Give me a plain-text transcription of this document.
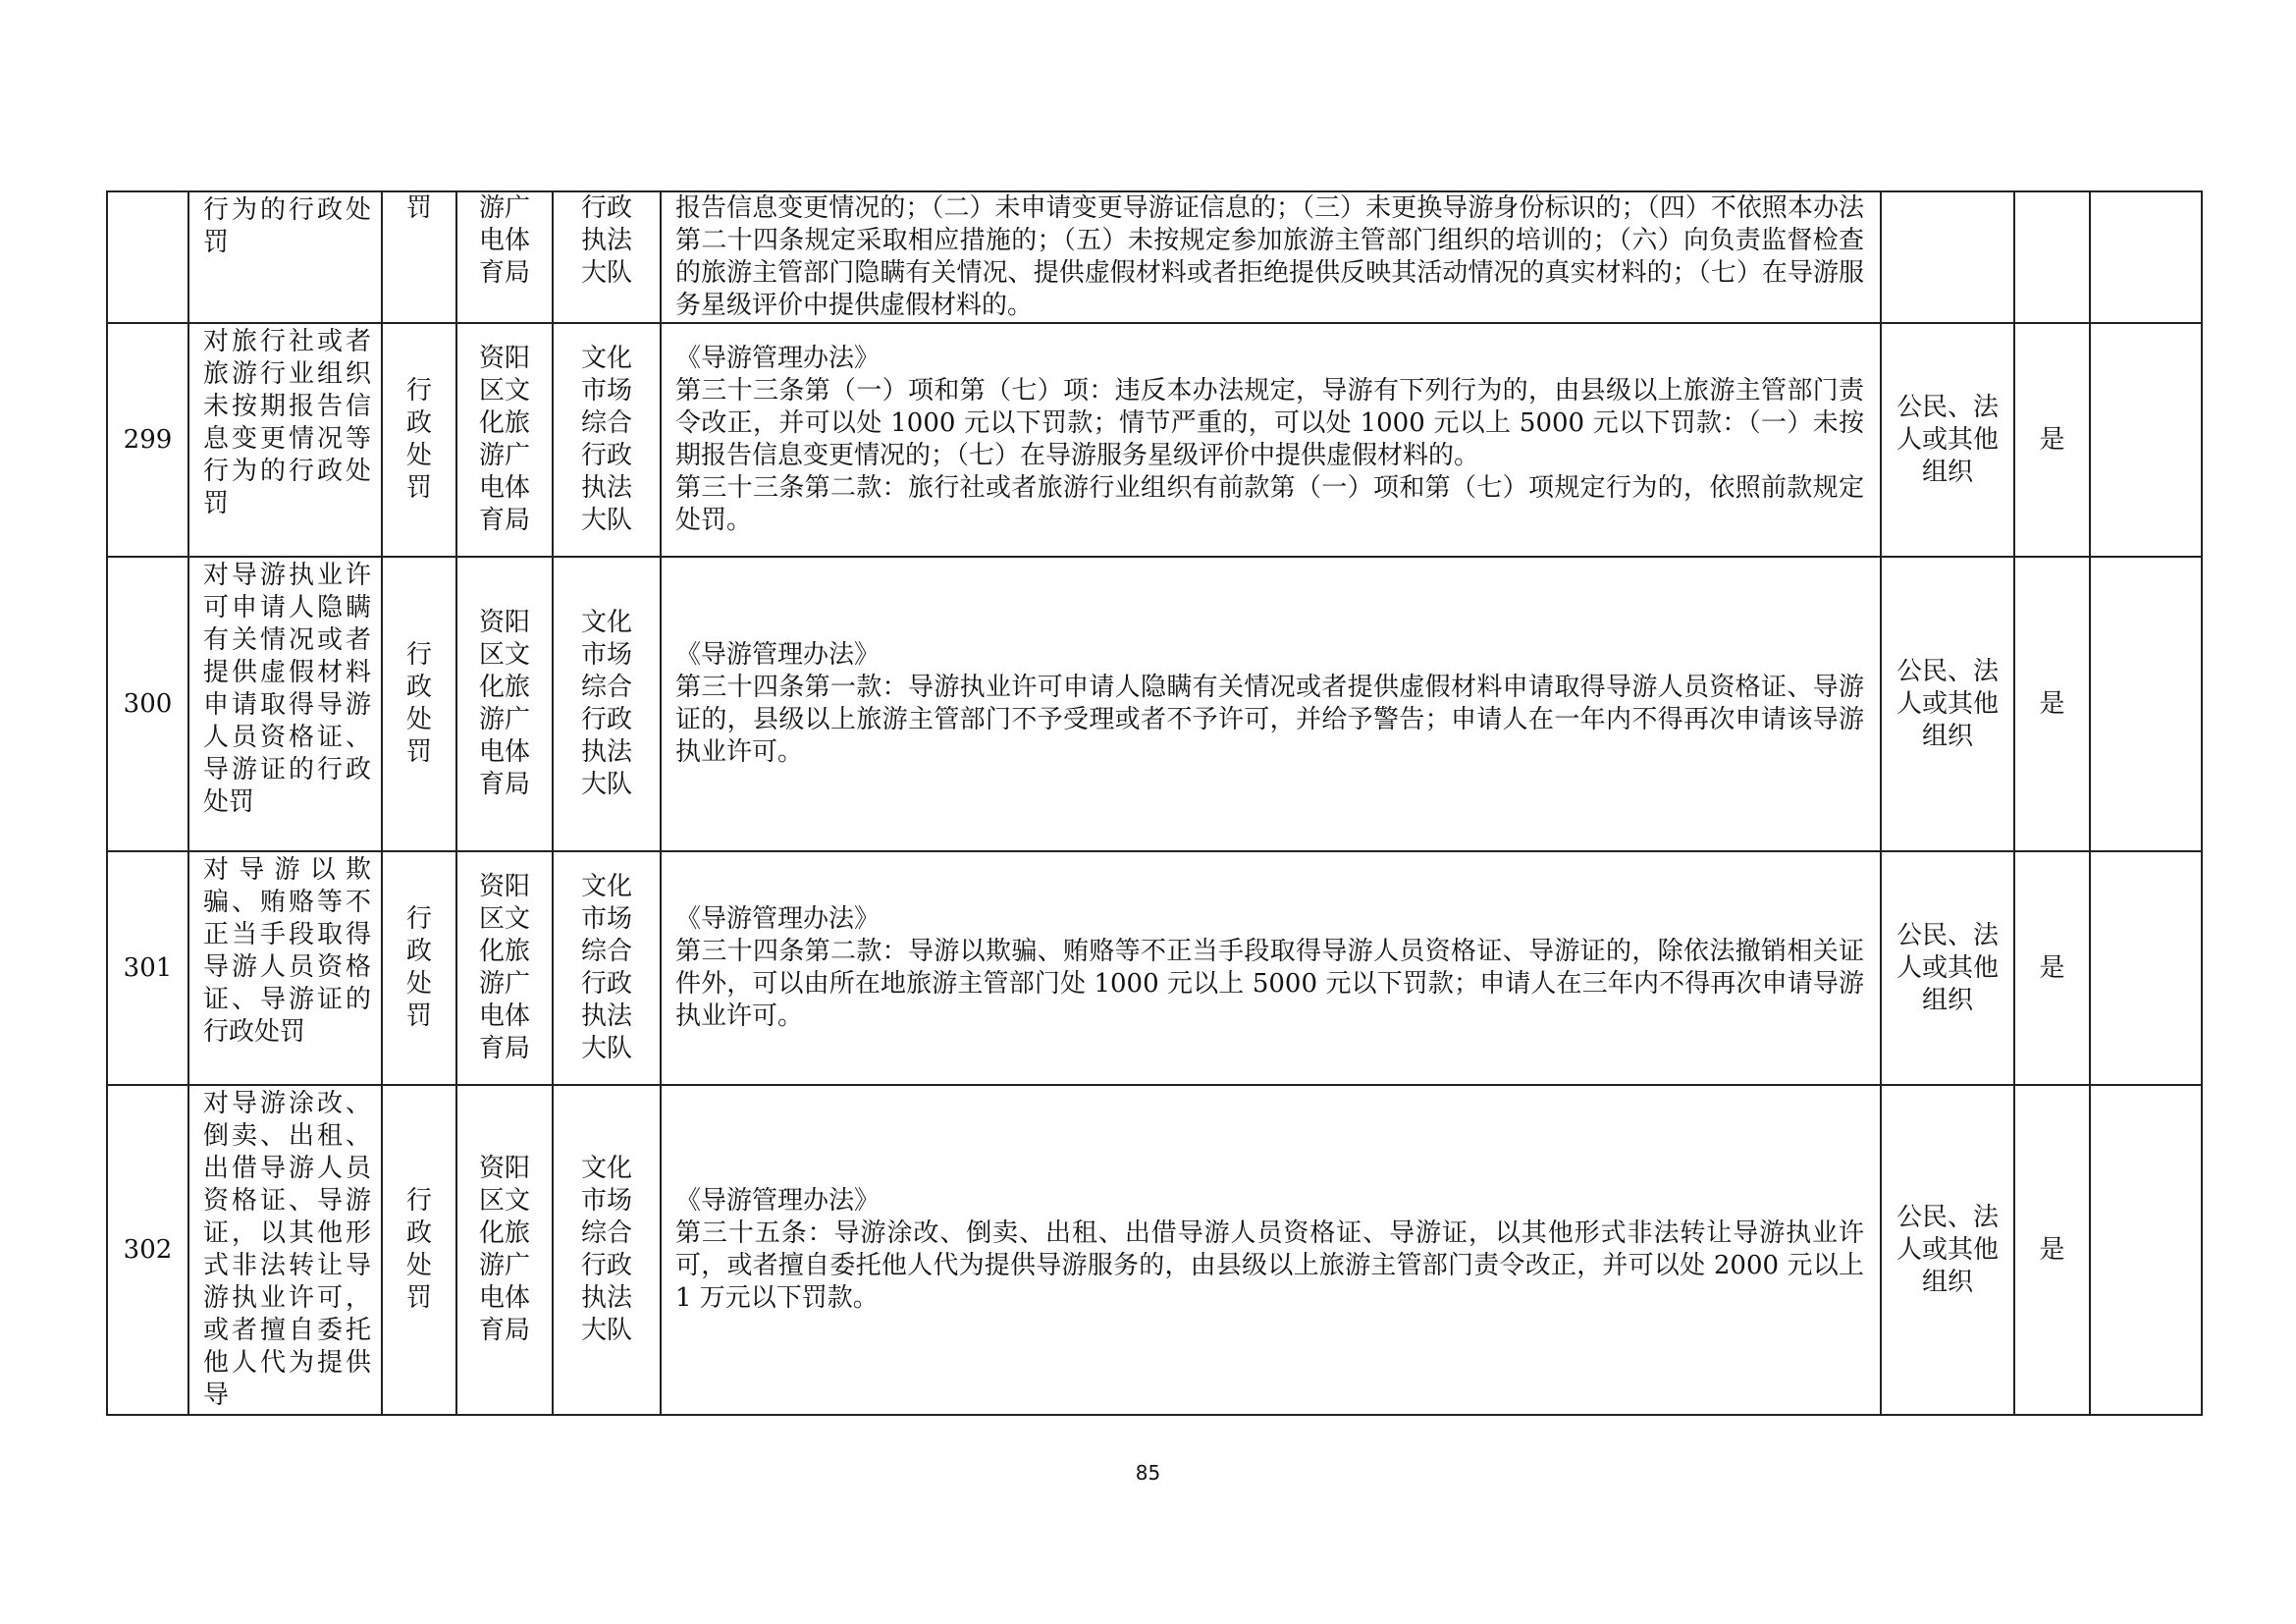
	行为的行政处罚	罚	游广电体育局	行政执法大队	报告信息变更情况的；（二）未申请变更导游证信息的；（三）未更换导游身份标识的；（四）不依照本办法第二十四条规定采取相应措施的；（五）未按规定参加旅游主管部门组织的培训的；（六）向负责监督检查的旅游主管部门隐瞒有关情况、提供虚假材料或者拒绝提供反映其活动情况的真实材料的；（七）在导游服务星级评价中提供虚假材料的。			

299	对旅行社或者旅游行业组织未按期报告信息变更情况等行为的行政处罚	行政处罚	资阳区文化旅游广电体育局	文化市场综合行政执法大队	《导游管理办法》
第三十三条第（一）项和第（七）项：违反本办法规定，导游有下列行为的，由县级以上旅游主管部门责令改正，并可以处 1000 元以下罚款；情节严重的，可以处 1000 元以上 5000 元以下罚款：（一）未按期报告信息变更情况的；（七）在导游服务星级评价中提供虚假材料的。
第三十三条第二款：旅行社或者旅游行业组织有前款第（一）项和第（七）项规定行为的，依照前款规定处罚。	公民、法人或其他组织	是	
300	对导游执业许可申请人隐瞒有关情况或者提供虚假材料申请取得导游人员资格证、导游证的行政处罚	行政处罚	资阳区文化旅游广电体育局	文化市场综合行政执法大队	《导游管理办法》
第三十四条第一款：导游执业许可申请人隐瞒有关情况或者提供虚假材料申请取得导游人员资格证、导游证的，县级以上旅游主管部门不予受理或者不予许可，并给予警告；申请人在一年内不得再次申请该导游执业许可。	公民、法人或其他组织	是	
301	对导游以欺骗、贿赂等不正当手段取得导游人员资格证、导游证的行政处罚	行政处罚	资阳区文化旅游广电体育局	文化市场综合行政执法大队	《导游管理办法》
第三十四条第二款：导游以欺骗、贿赂等不正当手段取得导游人员资格证、导游证的，除依法撤销相关证件外，可以由所在地旅游主管部门处 1000 元以上 5000 元以下罚款；申请人在三年内不得再次申请导游执业许可。	公民、法人或其他组织	是	
302	对导游涂改、倒卖、出租、出借导游人员资格证、导游证，以其他形式非法转让导游执业许可，或者擅自委托他人代为提供导	行政处罚	资阳区文化旅游广电体育局	文化市场综合行政执法大队	《导游管理办法》
第三十五条：导游涂改、倒卖、出租、出借导游人员资格证、导游证，以其他形式非法转让导游执业许可，或者擅自委托他人代为提供导游服务的，由县级以上旅游主管部门责令改正，并可以处 2000 元以上 1 万元以下罚款。	公民、法人或其他组织	是	
85
